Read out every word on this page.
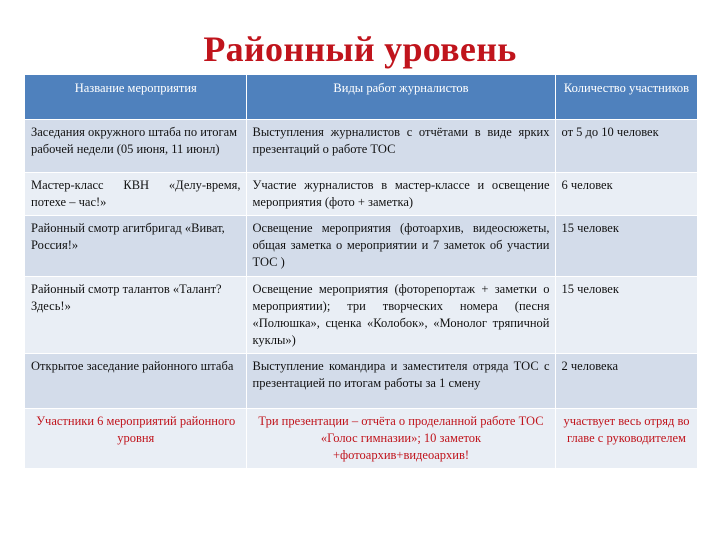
Районный уровень
Название мероприятия	Виды работ журналистов	Количество участников
Заседания окружного штаба по итогам рабочей недели (05 июня, 11 июнл)	Выступления журналистов с отчётами в виде ярких презентаций о работе ТОС	от 5 до 10 человек
Мастер-класс КВН «Делу-время, потехе – час!»	Участие журналистов в мастер-классе и освещение мероприятия (фото + заметка)	6 человек
Районный смотр агитбригад «Виват, Россия!»	Освещение мероприятия (фотоархив, видеосюжеты, общая заметка о мероприятии и 7 заметок об участии ТОС )	15 человек
Районный смотр талантов «Талант? Здесь!»	Освещение мероприятия (фоторепортаж + заметки о мероприятии); три творческих номера (песня «Полюшка», сценка «Колобок», «Монолог тряпичной куклы»)	15 человек
Открытое заседание районного штаба	Выступление командира и заместителя отряда ТОС с презентацией по итогам работы за 1 смену	2 человека
Участники 6 мероприятий районного уровня	Три презентации – отчёта о проделанной работе ТОС «Голос гимназии»; 10 заметок +фотоархив+видеоархив!	участвует весь отряд во главе с руководителем
